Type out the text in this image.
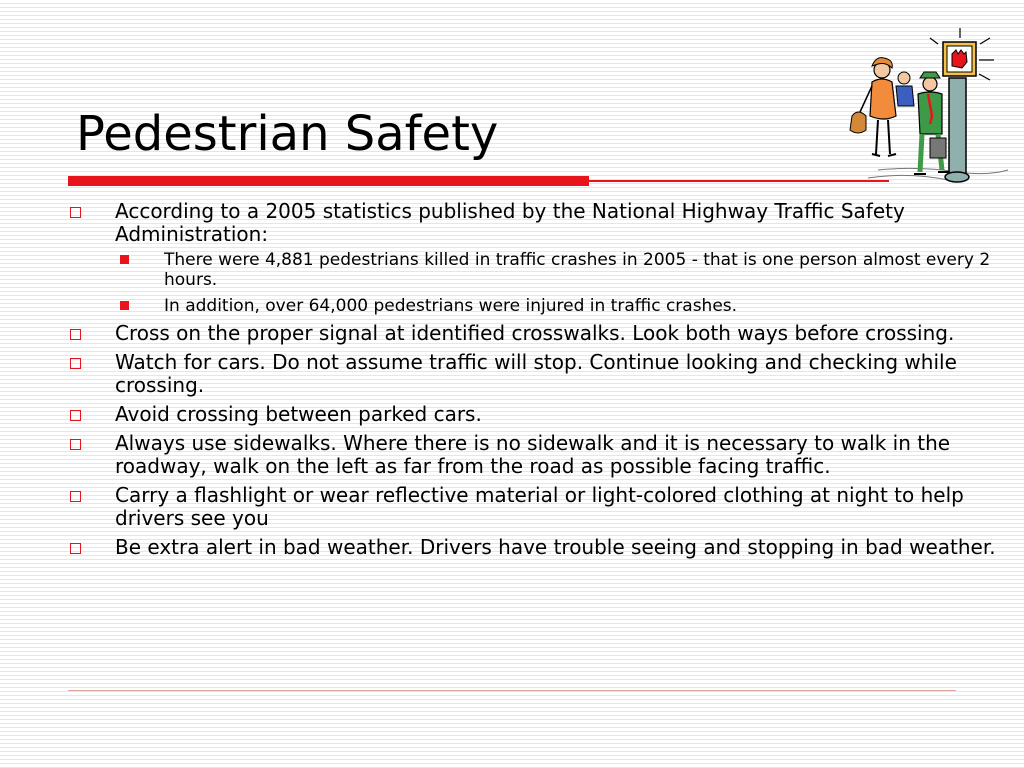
Pedestrian Safety
According to a 2005 statistics published by the National Highway Traffic Safety Administration:
There were 4,881 pedestrians killed in traffic crashes in 2005 - that is one person almost every 2 hours.
In addition, over 64,000 pedestrians were injured in traffic crashes.
Cross on the proper signal at identified crosswalks. Look both ways before crossing.
Watch for cars. Do not assume traffic will stop. Continue looking and checking while crossing.
Avoid crossing between parked cars.
Always use sidewalks. Where there is no sidewalk and it is necessary to walk in the roadway, walk on the left as far from the road as possible facing traffic.
Carry a flashlight or wear reflective material or light-colored clothing at night to help drivers see you
Be extra alert in bad weather. Drivers have trouble seeing and stopping in bad weather.
